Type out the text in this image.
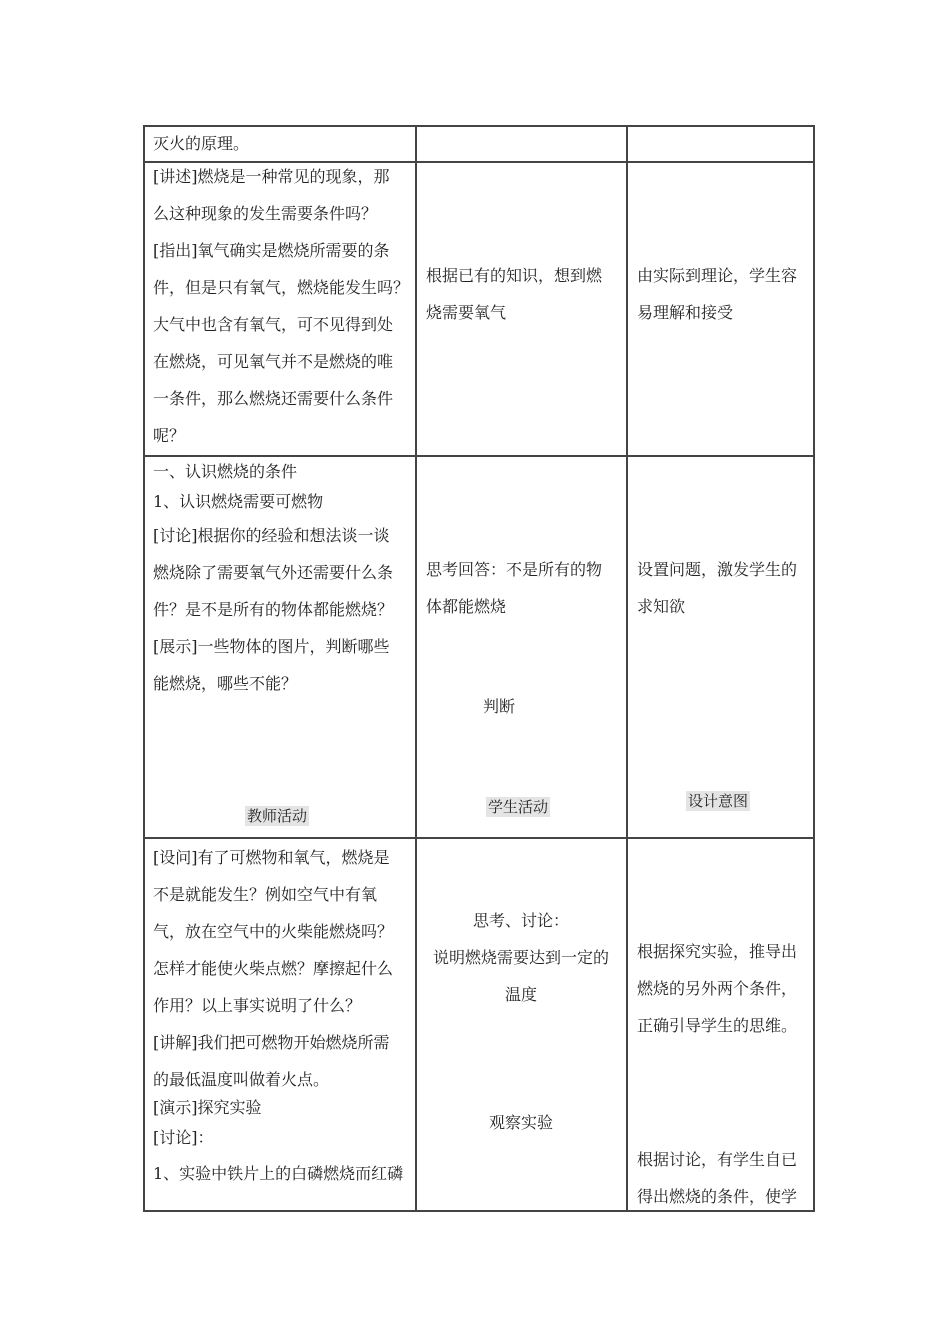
灭火的原理。
[讲述]燃烧是一种常见的现象，那
么这种现象的发生需要条件吗？
[指出]氧气确实是燃烧所需要的条
件，但是只有氧气，燃烧能发生吗？
大气中也含有氧气，可不见得到处
在燃烧，可见氧气并不是燃烧的唯
一条件，那么燃烧还需要什么条件
呢？
根据已有的知识，想到燃
烧需要氧气
由实际到理论，学生容
易理解和接受
一、认识燃烧的条件
1、认识燃烧需要可燃物
[讨论]根据你的经验和想法谈一谈
燃烧除了需要氧气外还需要什么条
件？是不是所有的物体都能燃烧？
[展示]一些物体的图片，判断哪些
能燃烧，哪些不能？
思考回答：不是所有的物
体都能燃烧
判断
设置问题，激发学生的
求知欲
教师活动	学生活动	设计意图
[设问]有了可燃物和氧气，燃烧是
不是就能发生？例如空气中有氧
气，放在空气中的火柴能燃烧吗？
怎样才能使火柴点燃？摩擦起什么
作用？以上事实说明了什么？
[讲解]我们把可燃物开始燃烧所需
的最低温度叫做着火点。
[演示]探究实验
[讨论]：
1、实验中铁片上的白磷燃烧而红磷
思考、讨论：
说明燃烧需要达到一定的
温度
观察实验
根据探究实验，推导出
燃烧的另外两个条件，
正确引导学生的思维。
根据讨论，有学生自已
得出燃烧的条件，使学
